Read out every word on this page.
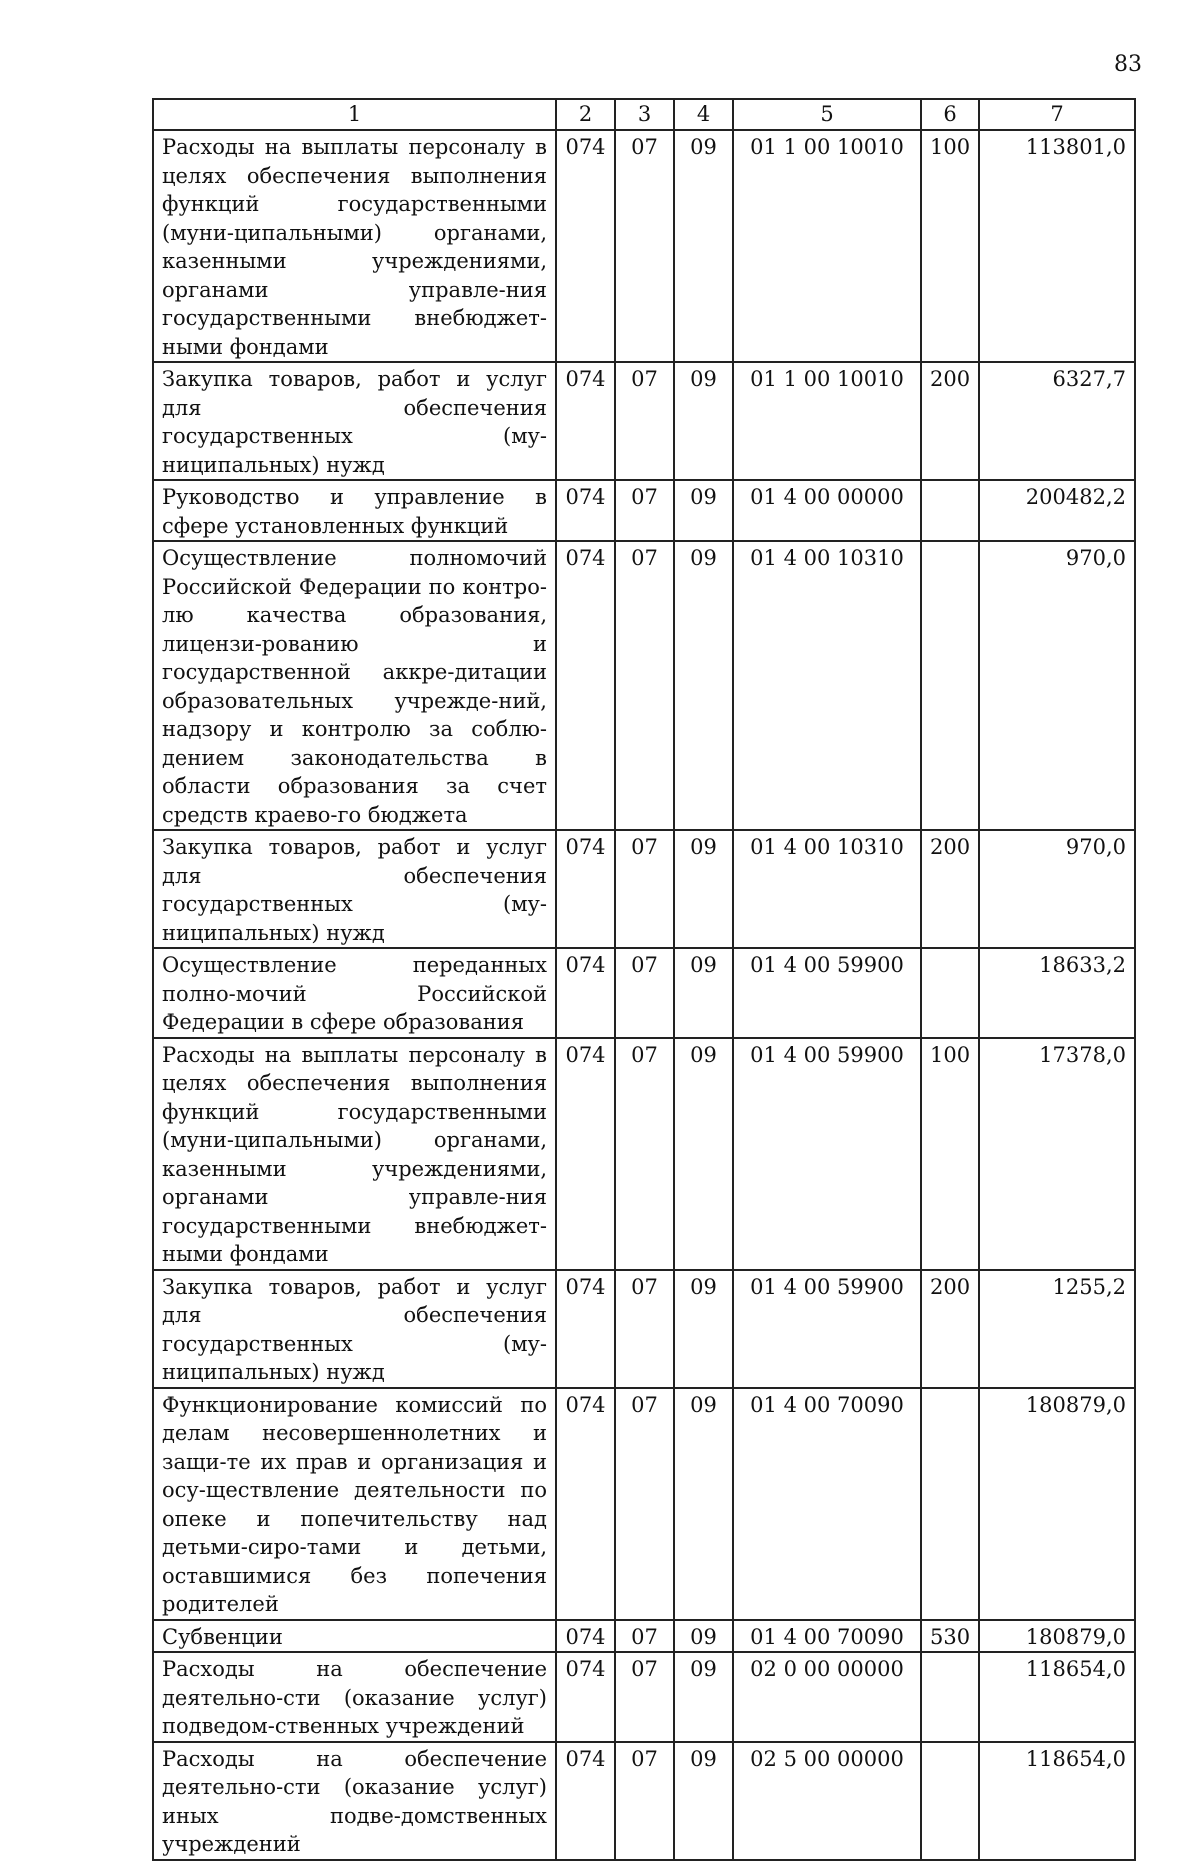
83
1	2	3	4	5	6	7
Расходы на выплаты персоналу в целях обеспечения выполнения функций государственными (муни-ципальными) органами, казенными учреждениями, органами управле-ния государственными внебюджет-ными фондами	074	07	09	01 1 00 10010	100	113801,0
Закупка товаров, работ и услуг для обеспечения государственных (му-ниципальных) нужд	074	07	09	01 1 00 10010	200	6327,7
Руководство и управление в сфере установленных функций	074	07	09	01 4 00 00000		200482,2
Осуществление полномочий Российской Федерации по контро-лю качества образования, лицензи-рованию и государственной аккре-дитации образовательных учрежде-ний, надзору и контролю за соблю-дением законодательства в области образования за счет средств краево-го бюджета	074	07	09	01 4 00 10310		970,0
Закупка товаров, работ и услуг для обеспечения государственных (му-ниципальных) нужд	074	07	09	01 4 00 10310	200	970,0
Осуществление переданных полно-мочий Российской Федерации в сфере образования	074	07	09	01 4 00 59900		18633,2
Расходы на выплаты персоналу в целях обеспечения выполнения функций государственными (муни-ципальными) органами, казенными учреждениями, органами управле-ния государственными внебюджет-ными фондами	074	07	09	01 4 00 59900	100	17378,0
Закупка товаров, работ и услуг для обеспечения государственных (му-ниципальных) нужд	074	07	09	01 4 00 59900	200	1255,2
Функционирование комиссий по делам несовершеннолетних и защи-те их прав и организация и осу-ществление деятельности по опеке и попечительству над детьми-сиро-тами и детьми, оставшимися без попечения родителей	074	07	09	01 4 00 70090		180879,0
Субвенции	074	07	09	01 4 00 70090	530	180879,0
Расходы на обеспечение деятельно-сти (оказание услуг) подведом-ственных учреждений	074	07	09	02 0 00 00000		118654,0
Расходы на обеспечение деятельно-сти (оказание услуг) иных подве-домственных учреждений	074	07	09	02 5 00 00000		118654,0
